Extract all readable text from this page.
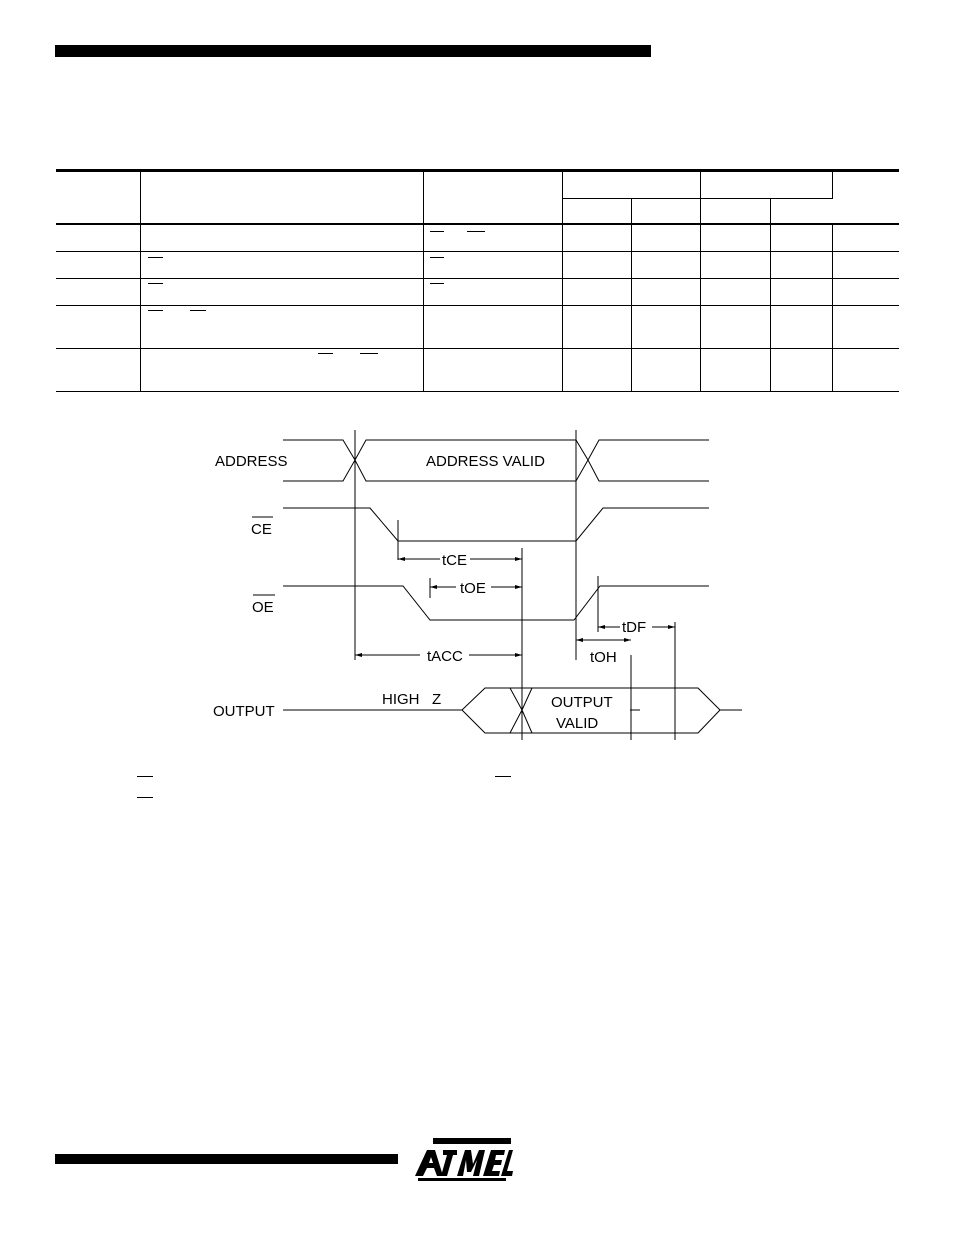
ADDRESS
CE
OE
OUTPUT
ADDRESS VALID
tCE
tOE
tACC	tOH
tDF
HIGH   Z	OUTPUT
VALID
